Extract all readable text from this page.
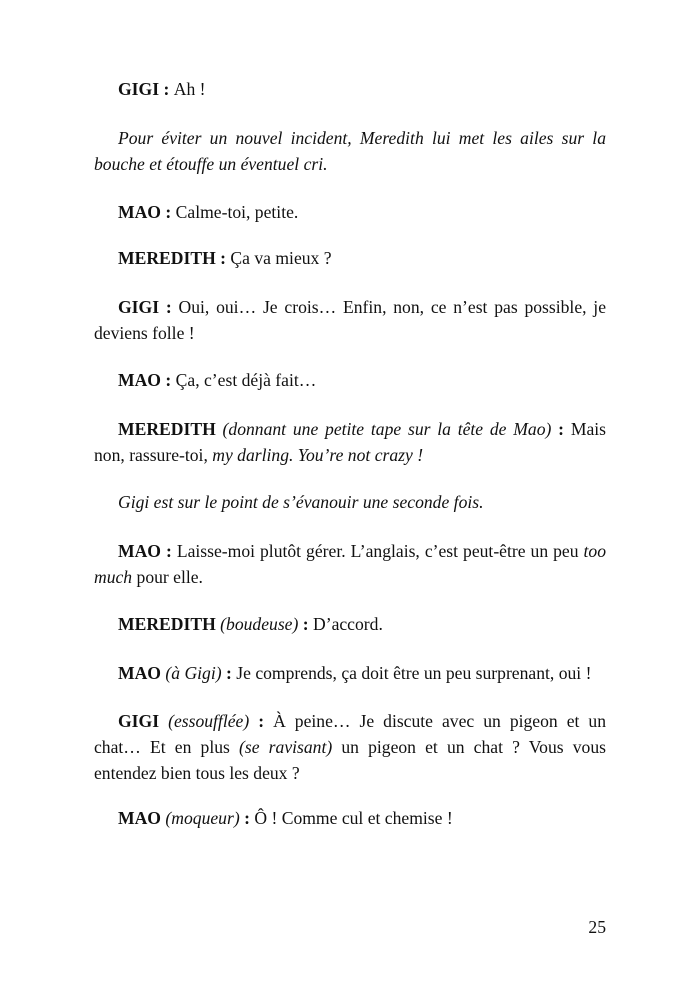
GIGI : Ah !

Pour éviter un nouvel incident, Meredith lui met les ailes sur la bouche et étouffe un éventuel cri.

MAO : Calme-toi, petite.

MEREDITH : Ça va mieux ?

GIGI : Oui, oui… Je crois… Enfin, non, ce n’est pas possible, je deviens folle !

MAO : Ça, c’est déjà fait…

MEREDITH (donnant une petite tape sur la tête de Mao) : Mais non, rassure-toi, my darling. You’re not crazy !

Gigi est sur le point de s’évanouir une seconde fois.

MAO : Laisse-moi plutôt gérer. L’anglais, c’est peut-être un peu too much pour elle.

MEREDITH (boudeuse) : D’accord.

MAO (à Gigi) : Je comprends, ça doit être un peu surprenant, oui !

GIGI (essoufflée) : À peine… Je discute avec un pigeon et un chat… Et en plus (se ravisant) un pigeon et un chat ? Vous vous entendez bien tous les deux ?

MAO (moqueur) : Ô ! Comme cul et chemise !

25
